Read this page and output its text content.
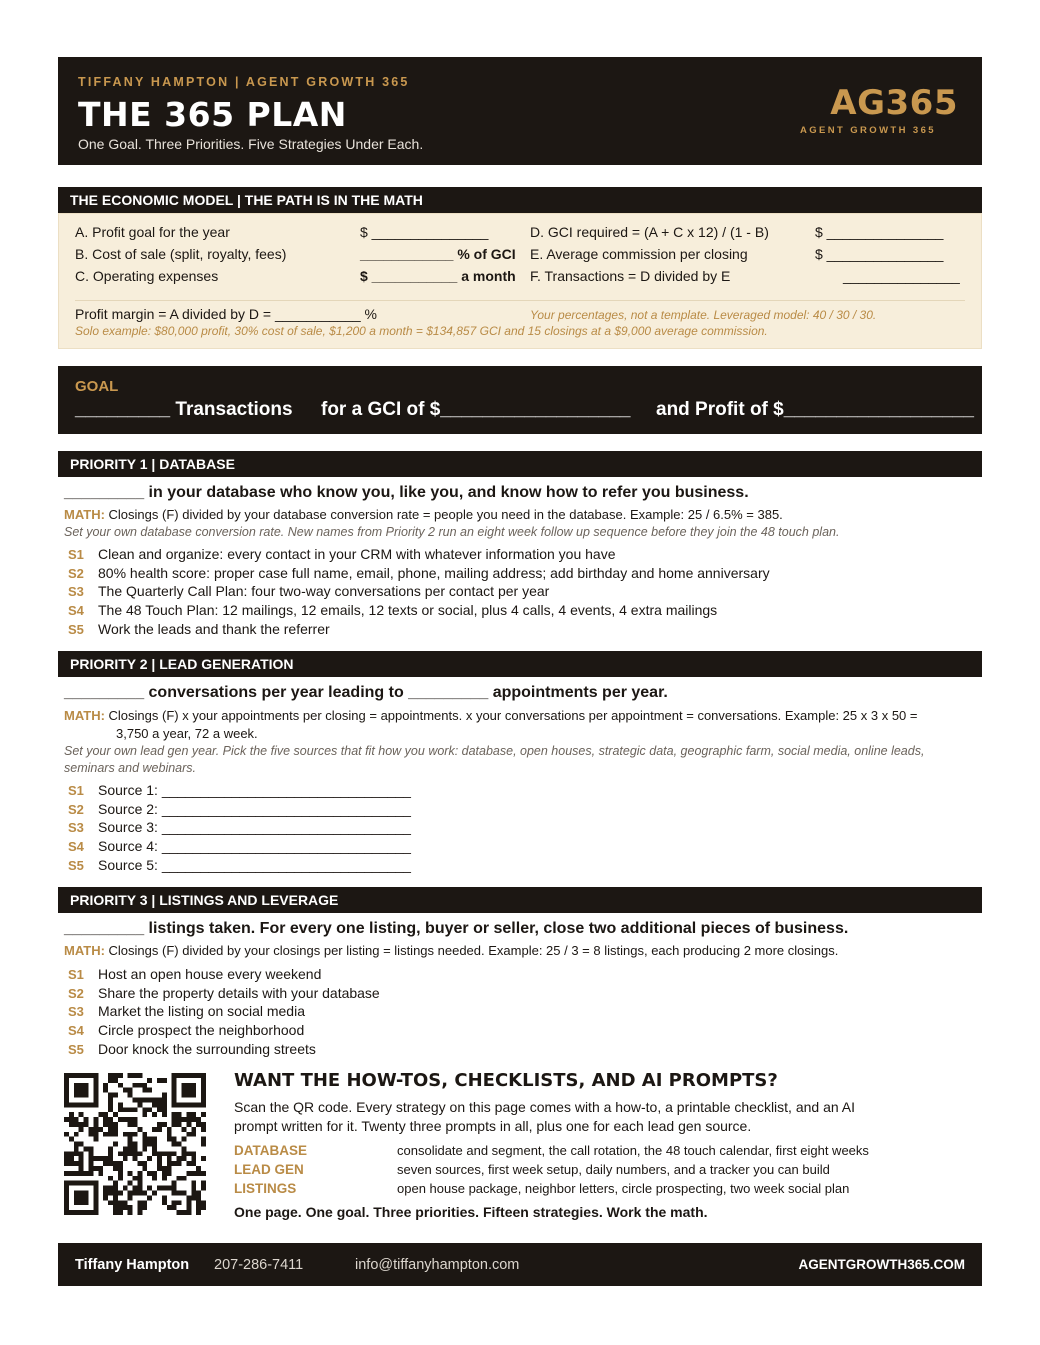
TIFFANY HAMPTON | AGENT GROWTH 365
THE 365 PLAN
One Goal. Three Priorities. Five Strategies Under Each.
AG365
AGENT GROWTH 365
THE ECONOMIC MODEL | THE PATH IS IN THE MATH
A. Profit goal for the year	$ _______________
B. Cost of sale (split, royalty, fees)	____________ % of GCI
C. Operating expenses	$ ___________ a month
D. GCI required = (A + C x 12) / (1 - B)	$ _______________
E. Average commission per closing	$ _______________
F. Transactions = D divided by E	_______________
Profit margin = A divided by D = ___________ %	Your percentages, not a template. Leveraged model: 40 / 30 / 30.
Solo example: $80,000 profit, 30% cost of sale, $1,200 a month = $134,857 GCI and 15 closings at a $9,000 average commission.
GOAL
_________ Transactions for a GCI of $__________________ and Profit of $__________________
PRIORITY 1 | DATABASE
_________ in your database who know you, like you, and know how to refer you business.
MATH: Closings (F) divided by your database conversion rate = people you need in the database. Example: 25 / 6.5% = 385.
Set your own database conversion rate. New names from Priority 2 run an eight week follow up sequence before they join the 48 touch plan.
S1 Clean and organize: every contact in your CRM with whatever information you have
S2 80% health score: proper case full name, email, phone, mailing address; add birthday and home anniversary
S3 The Quarterly Call Plan: four two-way conversations per contact per year
S4 The 48 Touch Plan: 12 mailings, 12 emails, 12 texts or social, plus 4 calls, 4 events, 4 extra mailings
S5 Work the leads and thank the referrer
PRIORITY 2 | LEAD GENERATION
_________ conversations per year leading to _________ appointments per year.
MATH: Closings (F) x your appointments per closing = appointments. x your conversations per appointment = conversations. Example: 25 x 3 x 50 =
3,750 a year, 72 a week.
Set your own lead gen year. Pick the five sources that fit how you work: database, open houses, strategic data, geographic farm, social media, online leads, seminars and webinars.
S1 Source 1: ________________________________
S2 Source 2: ________________________________
S3 Source 3: ________________________________
S4 Source 4: ________________________________
S5 Source 5: ________________________________
PRIORITY 3 | LISTINGS AND LEVERAGE
_________ listings taken. For every one listing, buyer or seller, close two additional pieces of business.
MATH: Closings (F) divided by your closings per listing = listings needed. Example: 25 / 3 = 8 listings, each producing 2 more closings.
S1 Host an open house every weekend
S2 Share the property details with your database
S3 Market the listing on social media
S4 Circle prospect the neighborhood
S5 Door knock the surrounding streets
WANT THE HOW-TOS, CHECKLISTS, AND AI PROMPTS?
Scan the QR code. Every strategy on this page comes with a how-to, a printable checklist, and an AI prompt written for it. Twenty three prompts in all, plus one for each lead gen source.
DATABASE	consolidate and segment, the call rotation, the 48 touch calendar, first eight weeks
LEAD GEN	seven sources, first week setup, daily numbers, and a tracker you can build
LISTINGS	open house package, neighbor letters, circle prospecting, two week social plan
One page. One goal. Three priorities. Fifteen strategies. Work the math.
Tiffany Hampton 207-286-7411	info@tiffanyhampton.com	AGENTGROWTH365.COM
